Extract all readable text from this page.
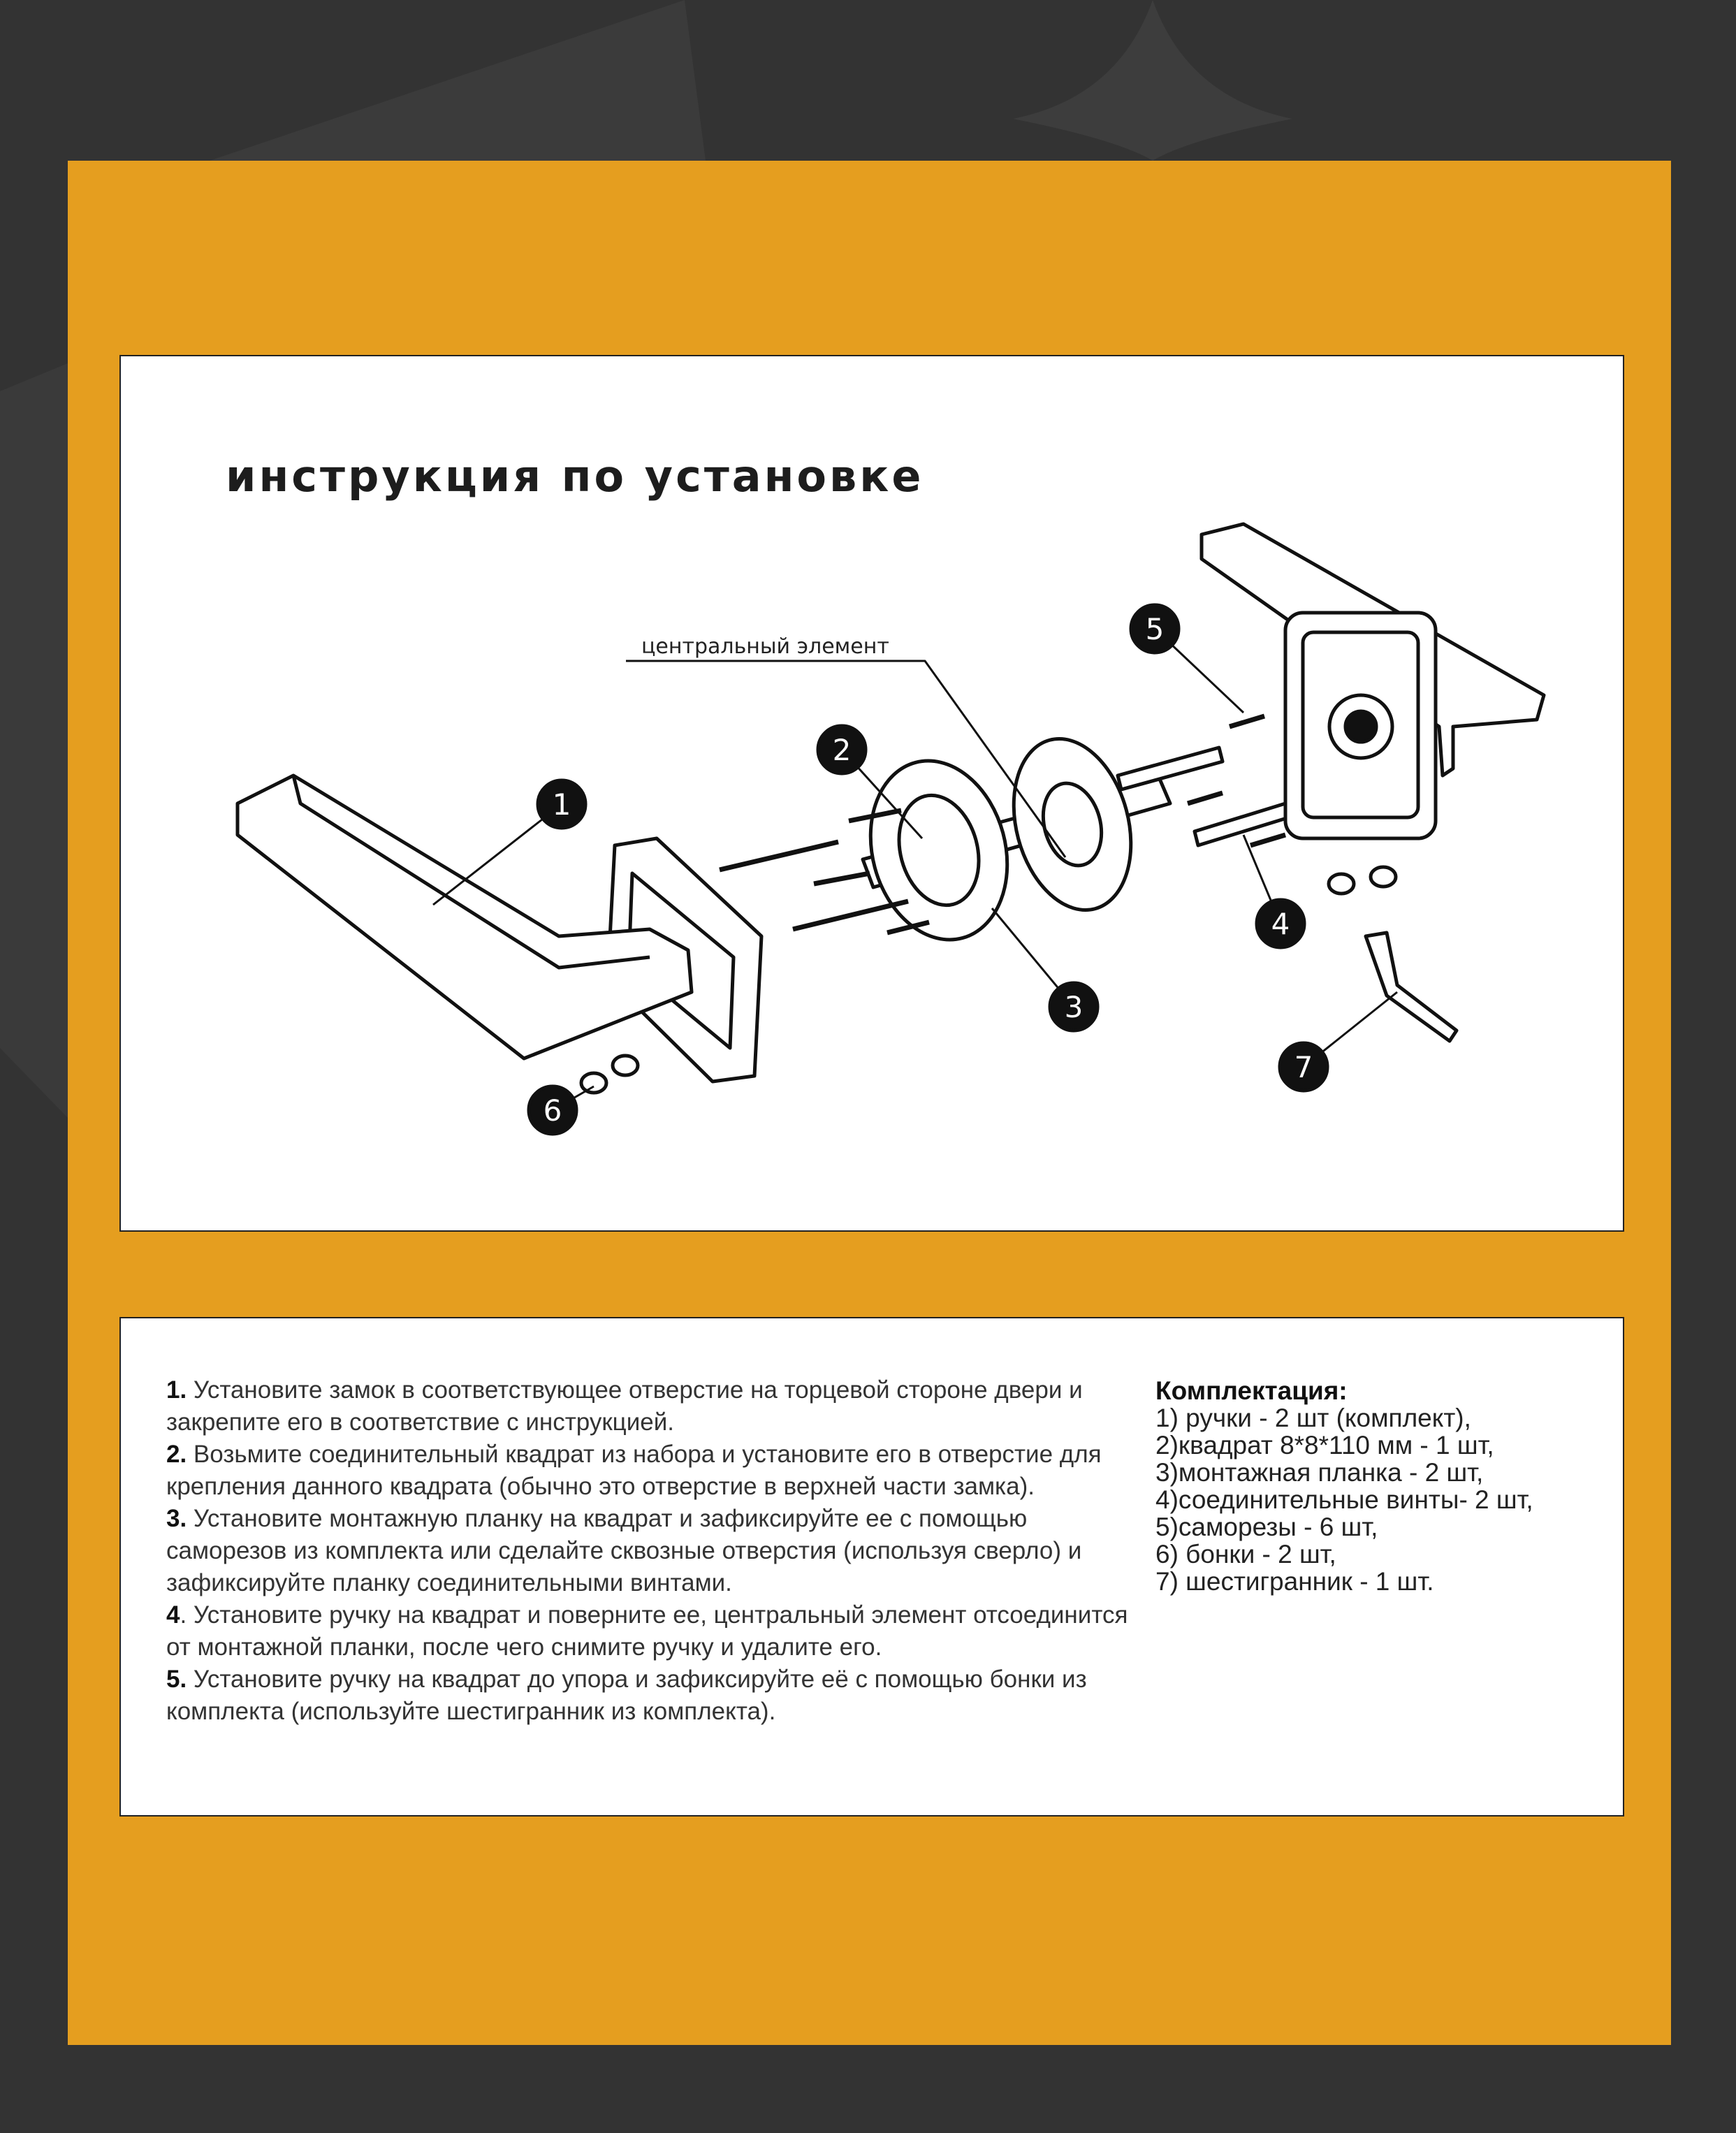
инструкция по установке

1. Установите замок в соответствующее отверстие на торцевой стороне двери и закрепите его в соответствие с инструкцией.

2. Возьмите соединительный квадрат из набора и установите его в отверстие для крепления данного квадрата (обычно это отверстие в верхней части замка).

3. Установите монтажную планку на квадрат и зафиксируйте ее с помощью саморезов из комплекта или сделайте сквозные отверстия (используя сверло) и зафиксируйте планку соединительными винтами.

4. Установите ручку на квадрат и поверните ее, центральный элемент отсоединится от монтажной планки, после чего снимите ручку и удалите его.

5. Установите ручку на квадрат до упора и зафиксируйте её с помощью бонки из комплекта (используйте шестигранник из комплекта).

Комплектация:
1) ручки - 2 шт (комплект),
2)квадрат 8*8*110 мм - 1 шт,
3)монтажная планка - 2 шт,
4)соединительные винты- 2 шт,
5)саморезы - 6 шт,
6) бонки - 2 шт,
7) шестигранник - 1 шт.
центральный элемент
1
2
3
4
5
6
7
